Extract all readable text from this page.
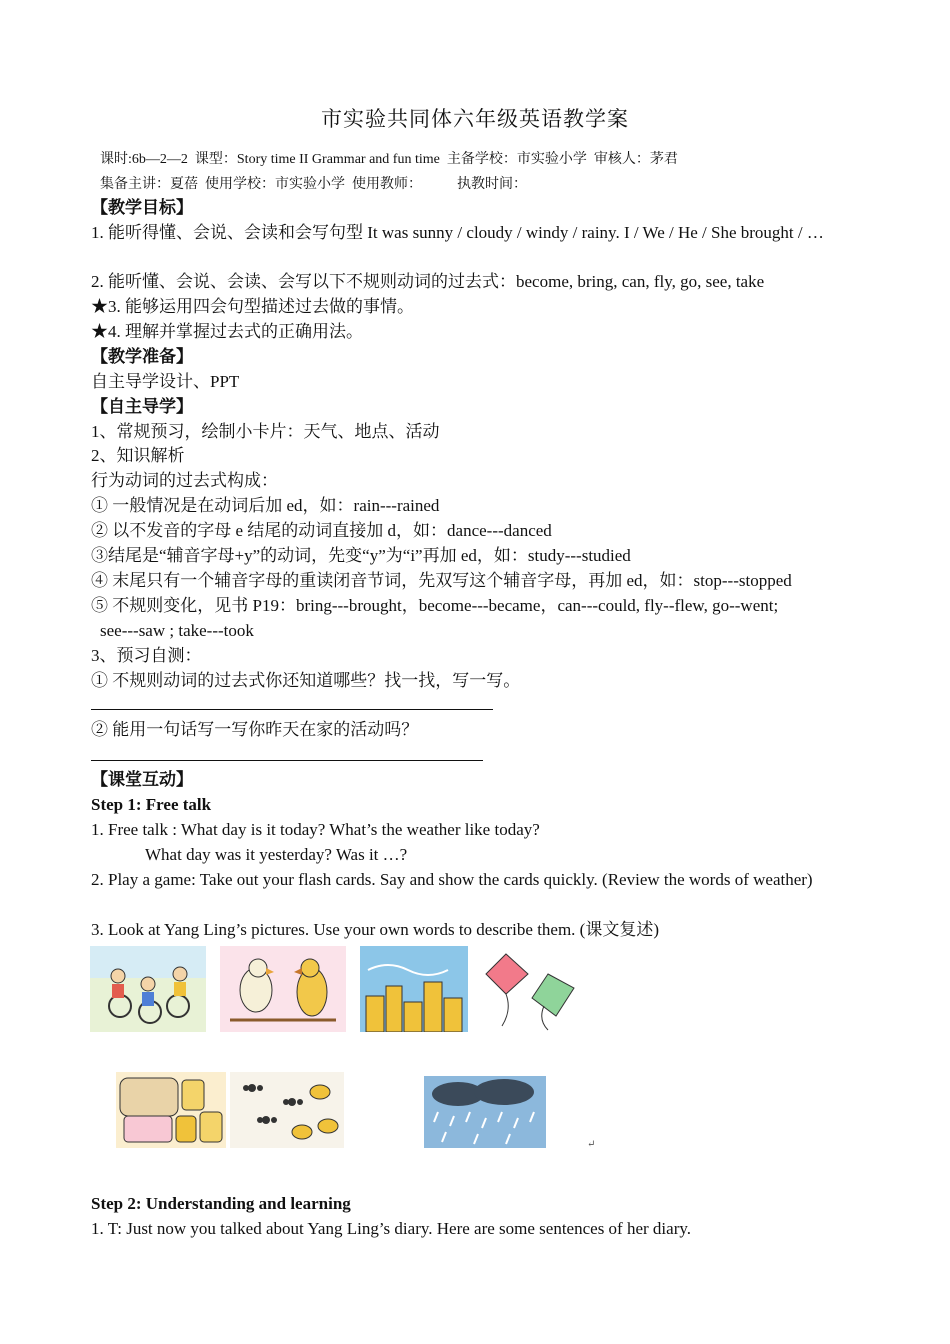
市实验共同体六年级英语教学案
课时:6b—2—2  课型：Story time II Grammar and fun time  主备学校：市实验小学  审核人：茅君
集备主讲：夏蓓  使用学校：市实验小学  使用教师：          执教时间：
【教学目标】
1. 能听得懂、会说、会读和会写句型 It was sunny / cloudy / windy / rainy. I / We / He / She brought / …
2. 能听懂、会说、会读、会写以下不规则动词的过去式：become, bring, can, fly, go, see, take
★3. 能够运用四会句型描述过去做的事情。
★4. 理解并掌握过去式的正确用法。
【教学准备】
自主导学设计、PPT
【自主导学】
1、常规预习，绘制小卡片：天气、地点、活动
2、知识解析
行为动词的过去式构成：
① 一般情况是在动词后加 ed，如：rain---rained
② 以不发音的字母 e 结尾的动词直接加 d，如：dance---danced
③结尾是“辅音字母+y”的动词，先变“y”为“i”再加 ed，如：study---studied
④ 末尾只有一个辅音字母的重读闭音节词，先双写这个辅音字母，再加 ed，如：stop---stopped
⑤ 不规则变化，见书 P19：bring---brought，become---became，can---could, fly--flew, go--went;
see---saw ; take---took
3、预习自测：
① 不规则动词的过去式你还知道哪些？找一找，写一写。
② 能用一句话写一写你昨天在家的活动吗？
【课堂互动】
Step 1: Free talk
1. Free talk : What day is it today? What’s the weather like today?
What day was it yesterday? Was it …?
2. Play a game: Take out your flash cards. Say and show the cards quickly. (Review the words of weather)
3. Look at Yang Ling’s pictures. Use your own words to describe them. (课文复述)
↵
Step 2: Understanding and learning
1. T: Just now you talked about Yang Ling’s diary. Here are some sentences of her diary.
